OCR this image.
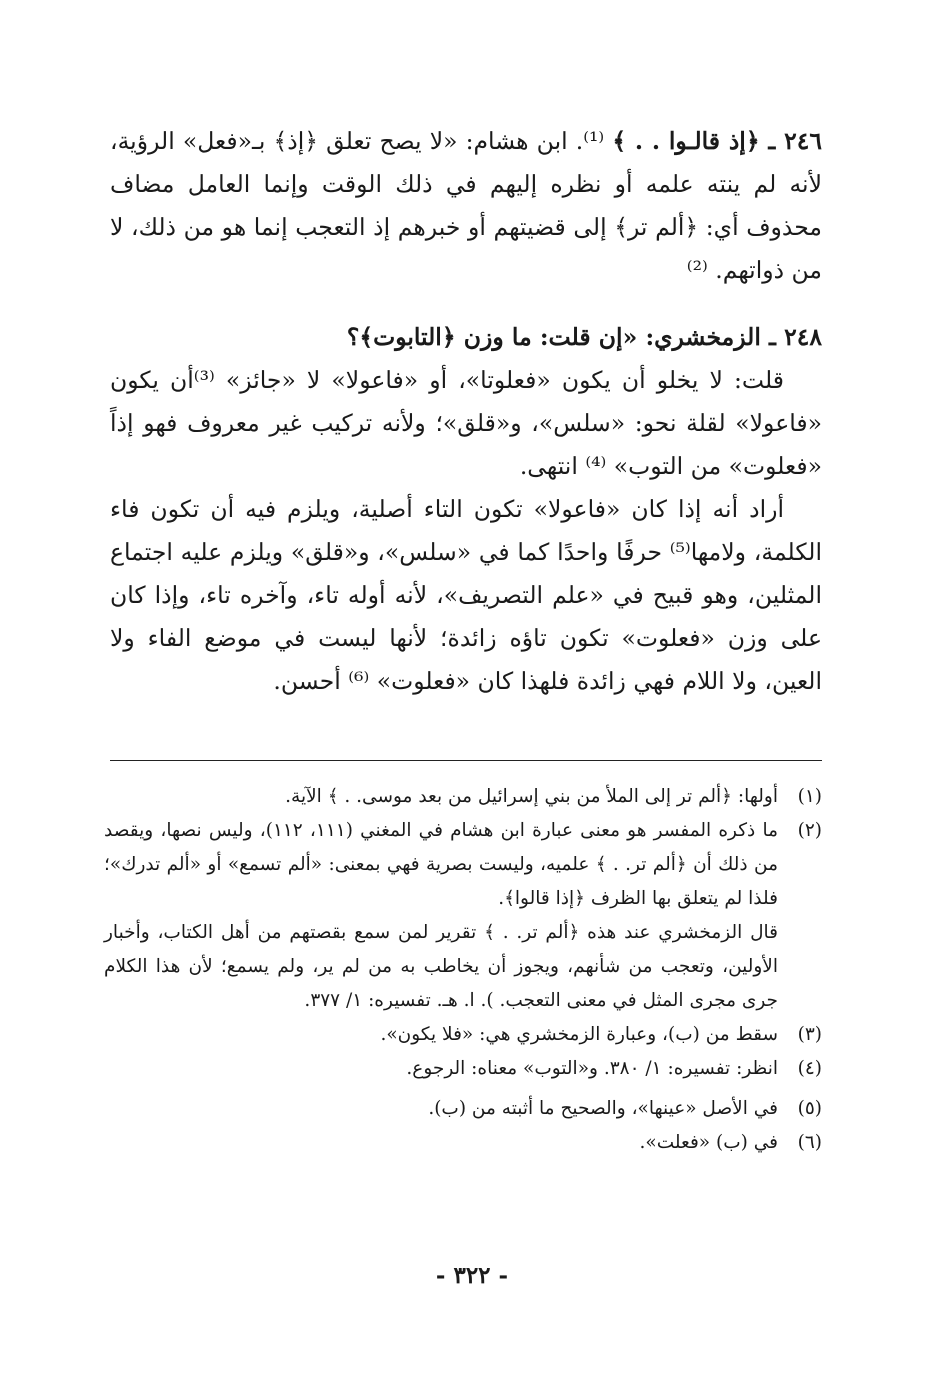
٢٤٦ ـ ﴿إذ قالـوا . . ﴾ ⁽¹⁾. ابن هشام: «لا يصح تعلق ﴿إذ﴾ بـ«فعل» الرؤية، لأنه لم ينته علمه أو نظره إليهم في ذلك الوقت وإنما العامل مضاف محذوف أي: ﴿ألم تر﴾ إلى قضيتهم أو خبرهم إذ التعجب إنما هو من ذلك، لا من ذواتهم. ⁽²⁾

٢٤٨ ـ الزمخشري: «إن قلت: ما وزن ﴿التابوت﴾؟

قلت: لا يخلو أن يكون «فعلوتا»، أو «فاعولا» لا «جائز» ⁽³⁾أن يكون «فاعولا» لقلة نحو: «سلس»، و«قلق»؛ ولأنه تركيب غير معروف فهو إذاً «فعلوت» من التوب» ⁽⁴⁾ انتهى.

أراد أنه إذا كان «فاعولا» تكون التاء أصلية، ويلزم فيه أن تكون فاء الكلمة، ولامها⁽⁵⁾ حرفًا واحدًا كما في «سلس»، و«قلق» ويلزم عليه اجتماع المثلين، وهو قبيح في «علم التصريف»، لأنه أوله تاء، وآخره تاء، وإذا كان على وزن «فعلوت» تكون تاؤه زائدة؛ لأنها ليست في موضع الفاء ولا العين، ولا اللام فهي زائدة فلهذا كان «فعلوت» ⁽⁶⁾ أحسن.

(١)

أولها: ﴿ألم تر إلى الملأ من بني إسرائيل من بعد موسى. . ﴾ الآية.

(٢)

ما ذكره المفسر هو معنى عبارة ابن هشام في المغني (١١١، ١١٢)، وليس نصها، ويقصد من ذلك أن ﴿ألم تر. . ﴾ علميه، وليست بصرية فهي بمعنى: «ألم تسمع» أو «ألم تدرك»؛ فلذا لم يتعلق بها الظرف ﴿إذا قالوا﴾.

قال الزمخشري عند هذه ﴿ألم تر. . ﴾ تقرير لمن سمع بقصتهم من أهل الكتاب، وأخبار الأولين، وتعجب من شأنهم، ويجوز أن يخاطب به من لم ير، ولم يسمع؛ لأن هذا الكلام جرى مجرى المثل في معنى التعجب. ). ا. هـ. تفسيره: ١/ ٣٧٧.

(٣)

سقط من (ب)، وعبارة الزمخشري هي: «فلا يكون».

(٤)

انظر: تفسيره: ١/ ٣٨٠. و«التوب» معناه: الرجوع.

(٥)

في الأصل «عينها»، والصحيح ما أثبته من (ب).

(٦)

في (ب) «فعلت».

- ٣٢٢ -
